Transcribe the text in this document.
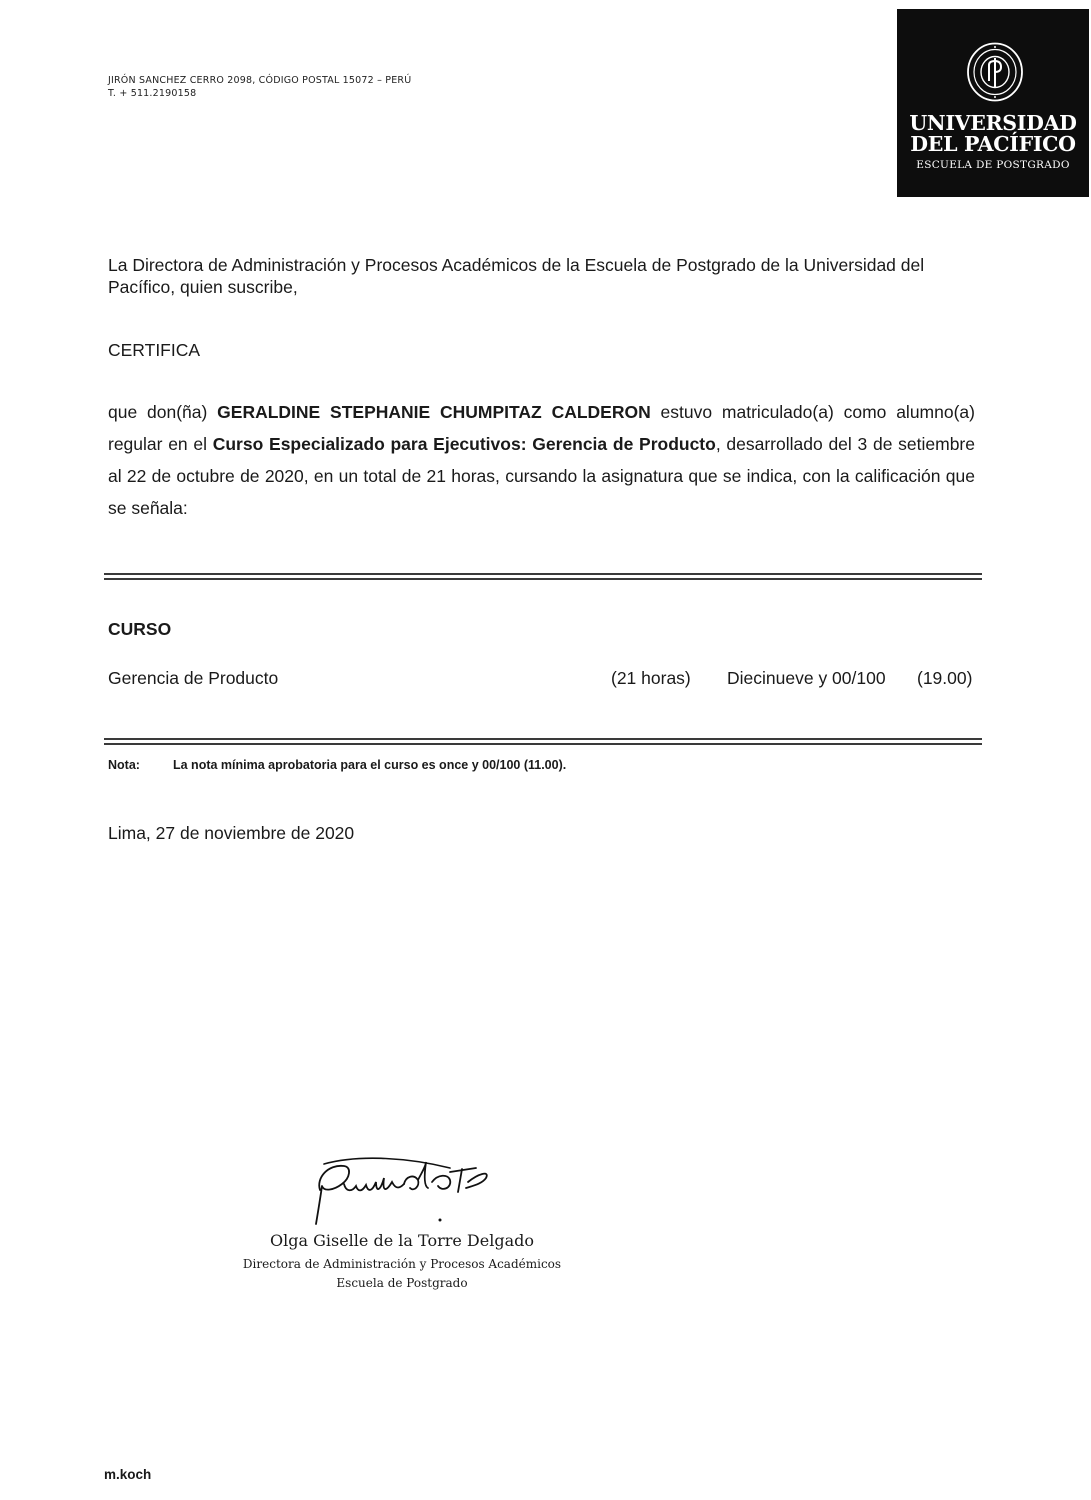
JIRÓN SANCHEZ CERRO 2098, CÓDIGO POSTAL 15072 – PERÚ
T. + 511.2190158
UNIVERSIDAD
DEL PACÍFICO
ESCUELA DE POSTGRADO
La Directora de Administración y Procesos Académicos de la Escuela de Postgrado de la Universidad del Pacífico, quien suscribe,
CERTIFICA
que don(ña) GERALDINE STEPHANIE CHUMPITAZ CALDERON estuvo matriculado(a) como alumno(a) regular en el Curso Especializado para Ejecutivos: Gerencia de Producto, desarrollado del 3 de setiembre al 22 de octubre de 2020, en un total de 21 horas, cursando la asignatura que se indica, con la calificación que se señala:
CURSO
Gerencia de Producto	(21 horas) Diecinueve y 00/100 (19.00)
Nota:	La nota mínima aprobatoria para el curso es once y 00/100 (11.00).
Lima, 27 de noviembre de 2020
Olga Giselle de la Torre Delgado
Directora de Administración y Procesos Académicos
Escuela de Postgrado
m.koch
